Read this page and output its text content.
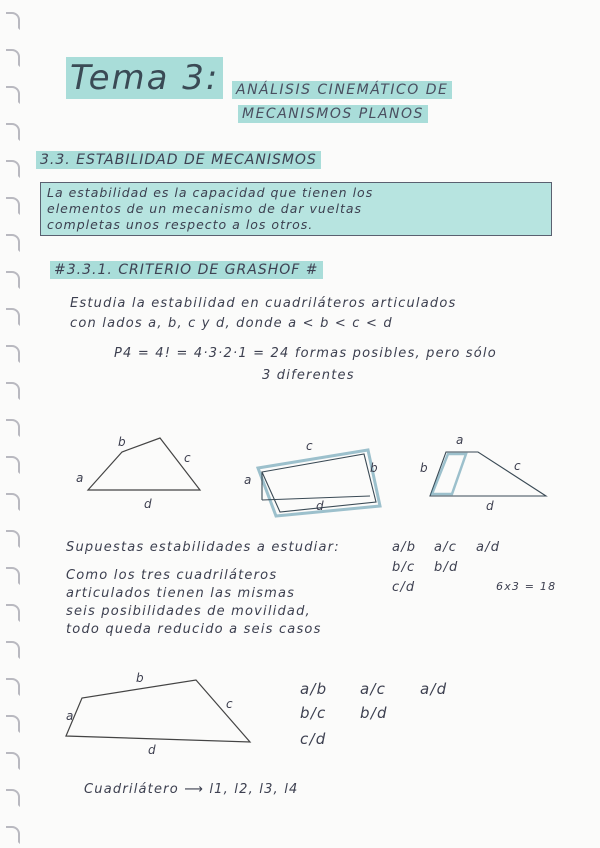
Tema 3: ANÁLISIS CINEMÁTICO DE
MECANISMOS PLANOS
3.3. ESTABILIDAD DE MECANISMOS
La estabilidad es la capacidad que tienen los
elementos de un mecanismo de dar vueltas
completas unos respecto a los otros.
#3.3.1. CRITERIO DE GRASHOF #
Estudia la estabilidad en cuadriláteros articulados
con lados a, b, c y d, donde a < b < c < d
P4 = 4! = 4·3·2·1 = 24 formas posibles, pero sólo
3 diferentes
b
c
a
d
c
b
a
d
a
b	c
d
b
c
a
d
Supuestas estabilidades a estudiar:	a/b a/c a/d
b/c b/d
c/d	6x3 = 18
Como los tres cuadriláteros
articulados tienen las mismas
seis posibilidades de movilidad,
todo queda reducido a seis casos
a/b a/c a/d
b/c b/d
c/d
Cuadrilátero ⟶ l1, l2, l3, l4
